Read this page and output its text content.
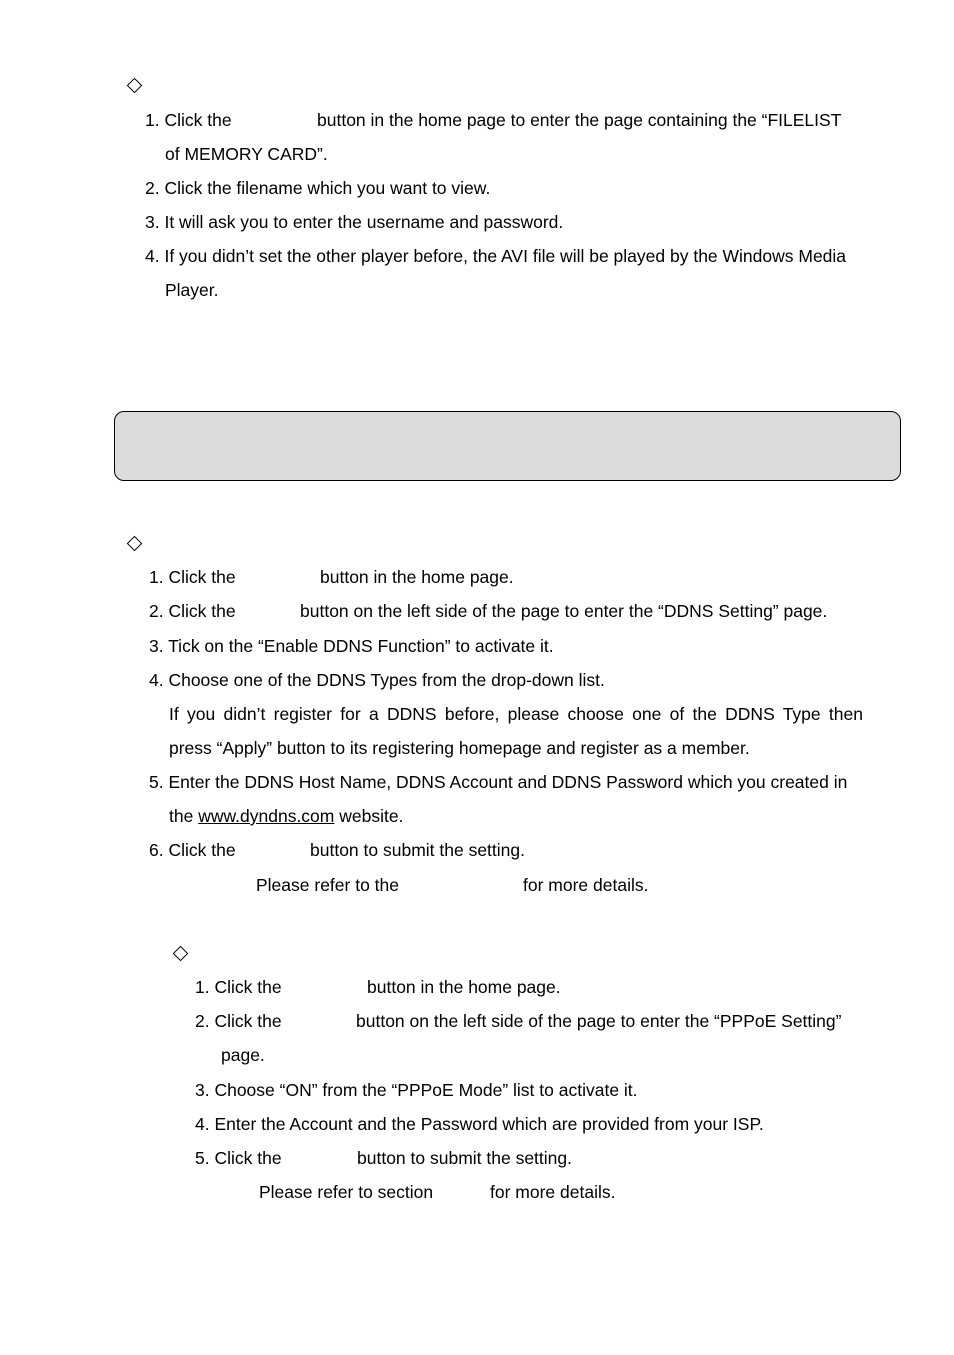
1. Click the	button in the home page to enter the page containing the “FILELIST
of MEMORY CARD”.
2. Click the filename which you want to view.
3. It will ask you to enter the username and password.
4. If you didn’t set the other player before, the AVI file will be played by the Windows Media
Player.
1. Click the	button in the home page.
2. Click the	button on the left side of the page to enter the “DDNS Setting” page.
3. Tick on the “Enable DDNS Function” to activate it.
4. Choose one of the DDNS Types from the drop-down list.
If you didn’t register for a DDNS before, please choose one of the DDNS Type then
press “Apply” button to its registering homepage and register as a member.
5. Enter the DDNS Host Name, DDNS Account and DDNS Password which you created in
the www.dyndns.com website.
6. Click the	button to submit the setting.
Please refer to the	for more details.
1. Click the	button in the home page.
2. Click the	button on the left side of the page to enter the “PPPoE Setting”
page.
3. Choose “ON” from the “PPPoE Mode” list to activate it.
4. Enter the Account and the Password which are provided from your ISP.
5. Click the	button to submit the setting.
Please refer to section	for more details.
